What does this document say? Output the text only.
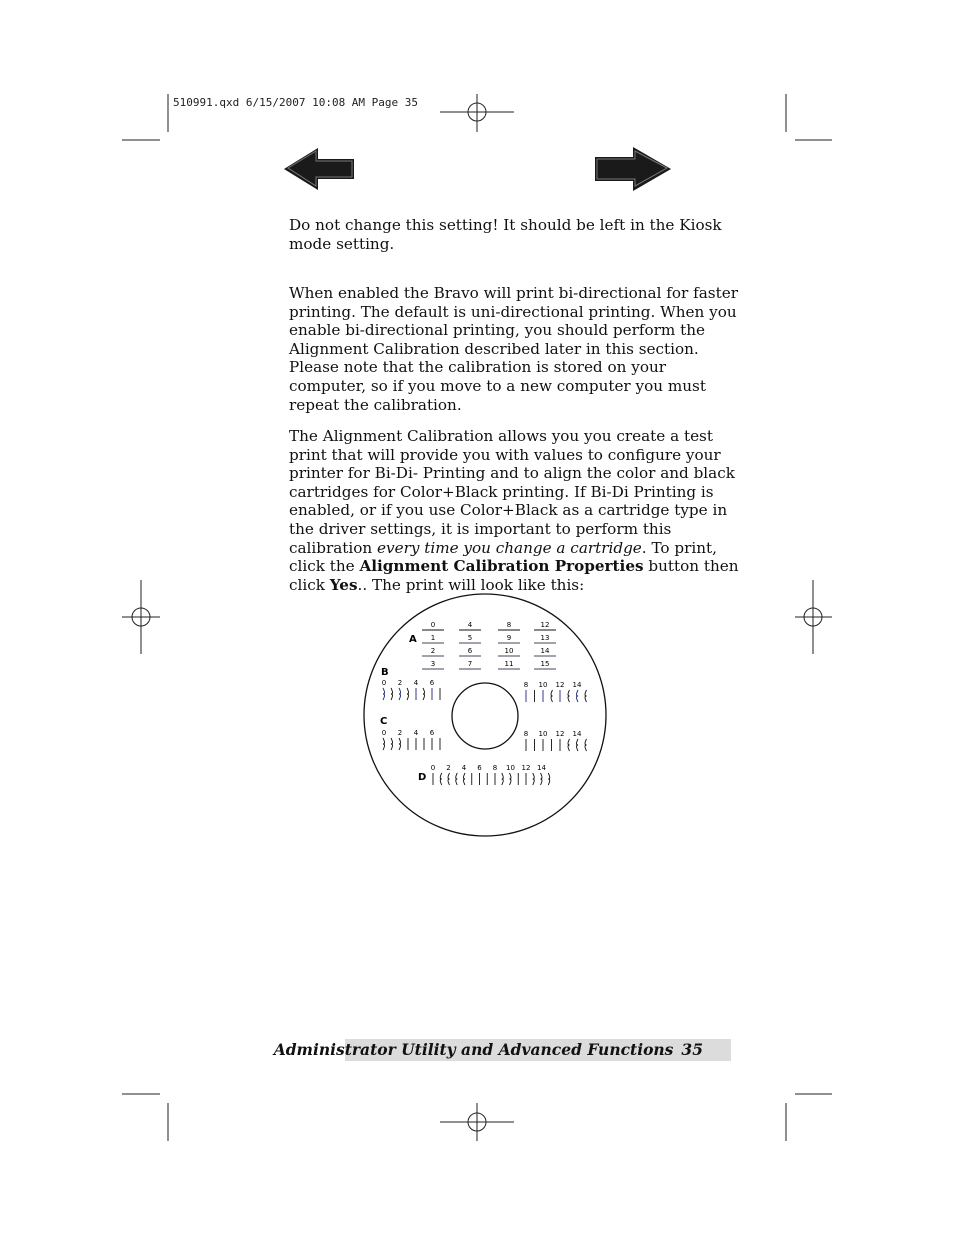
510991.qxd 6/15/2007 10:08 AM Page 35
Do not change this setting! It should be left in the Kiosk mode setting.
When enabled the Bravo will print bi-directional for faster printing. The default is uni-directional printing. When you enable bi-directional printing, you should perform the Alignment Calibration described later in this section. Please note that the calibration is stored on your computer, so if you move to a new computer you must repeat the calibration.
The Alignment Calibration allows you you create a test print that will provide you with values to configure your printer for Bi-Di- Printing and to align the color and black cartridges for Color+Black printing. If Bi-Di Printing is enabled, or if you use Color+Black as a cartridge type in the driver settings, it is important to perform this calibration every time you change a cartridge. To print, click the Alignment Calibration Properties button then click Yes.. The print will look like this:
0
1
2
3
4
5
6
7
8
9
10
11
12
13
14
15
0 2 4 6	8 10 12 14
0 2 4 6	8 10 12 14
0 2 4 6 8 10 12 14
A
B
C
D
Administrator Utility and Advanced Functions 35
